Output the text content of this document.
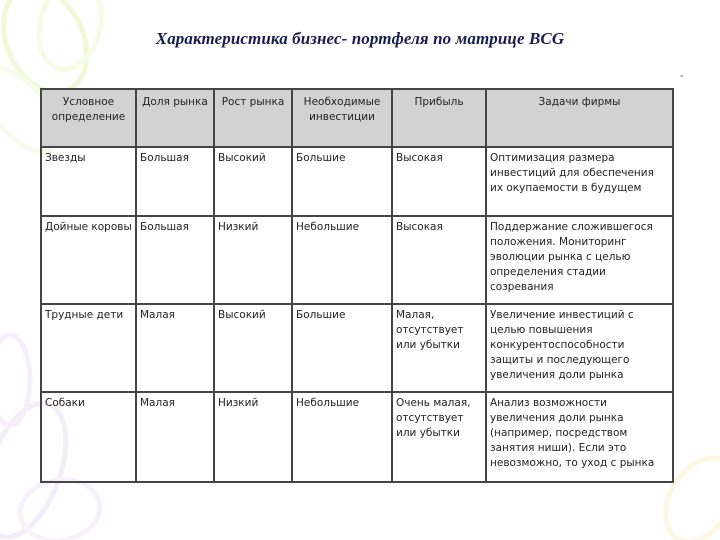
Характеристика бизнес- портфеля по матрице BCG
-
Условное определение	Доля рынка	Рост рынка	Необходимые инвестиции	Прибыль	Задачи фирмы
Звезды	Большая	Высокий	Большие	Высокая	Оптимизация размера инвестиций для обеспечения их окупаемости в будущем
Дойные коровы	Большая	Низкий	Небольшие	Высокая	Поддержание сложившегося положения. Мониторинг эволюции рынка с целью определения стадии созревания
Трудные дети	Малая	Высокий	Большие	Малая, отсутствует или убытки	Увеличение инвестиций с целью повышения конкурентоспособности защиты и последующего увеличения доли рынка
Собаки	Малая	Низкий	Небольшие	Очень малая, отсутствует или убытки	Анализ возможности увеличения доли рынка (например, посредством занятия ниши). Если это невозможно, то уход с рынка
